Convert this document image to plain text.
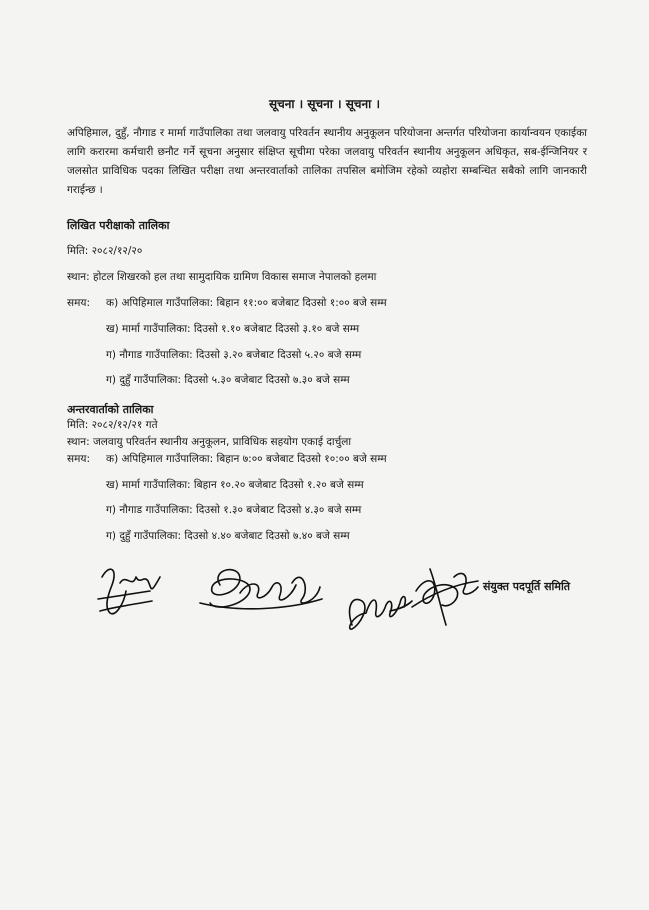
सूचना । सूचना । सूचना ।
अपिहिमाल, दुहुँ, नौगाड र मार्मा गाउँपालिका तथा जलवायु परिवर्तन स्थानीय अनुकूलन परियोजना अन्तर्गत परियोजना कार्यान्वयन एकाईका लागि करारमा कर्मचारी छनौट गर्ने सूचना अनुसार संक्षिप्त सूचीमा परेका जलवायु परिवर्तन स्थानीय अनुकूलन अधिकृत, सब-ईन्जिनियर र जलसोत प्राविधिक पदका लिखित परीक्षा तथा अन्तरवार्ताको तालिका तपसिल बमोजिम रहेको व्यहोरा सम्बन्धित सबैको लागि जानकारी गराईन्छ ।
लिखित परीक्षाको तालिका
मिति: २०८२/१२/२०
स्थान: होटल शिखरको हल तथा सामुदायिक ग्रामिण विकास समाज नेपालको हलमा
समय: क) अपिहिमाल गाउँपालिका: बिहान ११:०० बजेबाट दिउसो १:०० बजे सम्म
ख) मार्मा गाउँपालिका: दिउसो १.१० बजेबाट दिउसो ३.१० बजे सम्म
ग) नौगाड गाउँपालिका: दिउसो ३.२० बजेबाट दिउसो ५.२० बजे सम्म
ग) दुहुँ गाउँपालिका: दिउसो ५.३० बजेबाट दिउसो ७.३० बजे सम्म
अन्तरवार्ताको तालिका
मिति: २०८२/१२/२१ गते
स्थान: जलवायु परिवर्तन स्थानीय अनुकूलन, प्राविधिक सहयोग एकाई दार्चुला
समय: क) अपिहिमाल गाउँपालिका: बिहान ७:०० बजेबाट दिउसो १०:०० बजे सम्म
ख) मार्मा गाउँपालिका: बिहान १०.२० बजेबाट दिउसो १.२० बजे सम्म
ग) नौगाड गाउँपालिका: दिउसो १.३० बजेबाट दिउसो ४.३० बजे सम्म
ग) दुहुँ गाउँपालिका: दिउसो ४.४० बजेबाट दिउसो ७.४० बजे सम्म
संयुक्त पदपूर्ति समिति
